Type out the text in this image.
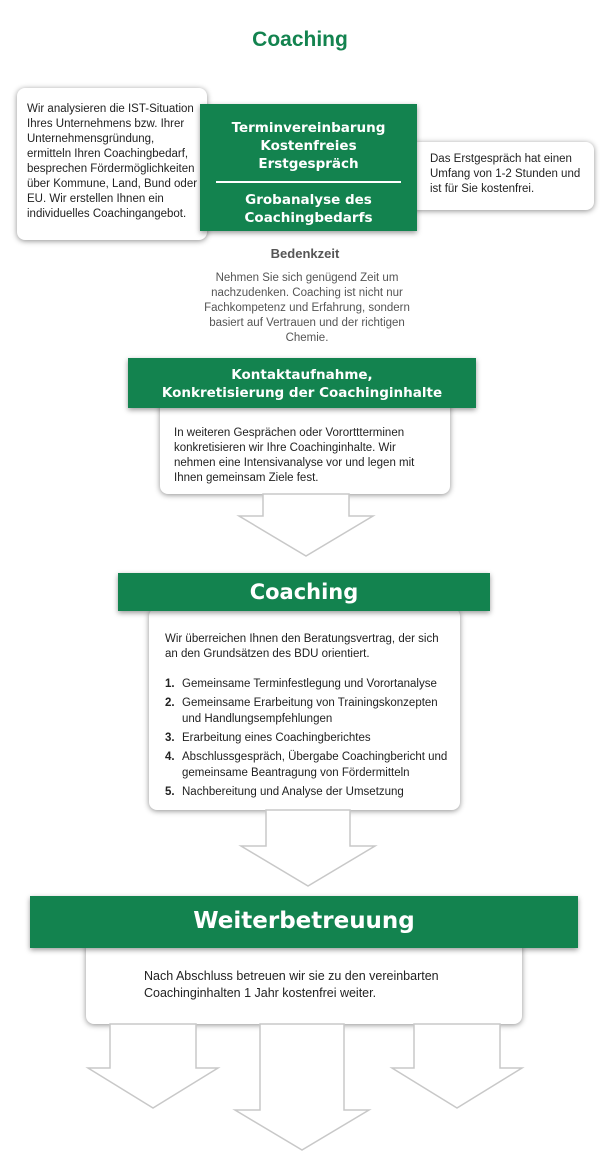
Coaching
Wir analysieren die IST-Situation Ihres Unternehmens bzw. Ihrer Unternehmensgründung, ermitteln Ihren Coachingbedarf, besprechen Fördermöglichkeiten über Kommune, Land, Bund oder EU. Wir erstellen Ihnen ein individuelles Coachingangebot.
Das Erstgespräch hat einen Umfang von 1-2 Stunden und ist für Sie kostenfrei.
Terminvereinbarung
Kostenfreies
Erstgespräch
Grobanalyse des
Coachingbedarfs
Bedenkzeit
Nehmen Sie sich genügend Zeit um nachzudenken. Coaching ist nicht nur Fachkompetenz und Erfahrung, sondern basiert auf Vertrauen und der richtigen Chemie.
In weiteren Gesprächen oder Vororttterminen konkretisieren wir Ihre Coachinginhalte. Wir nehmen eine Intensivanalyse vor und legen mit Ihnen gemeinsam Ziele fest.
Kontaktaufnahme,
Konkretisierung der Coachinginhalte
Wir überreichen Ihnen den Beratungsvertrag, der sich an den Grundsätzen des BDU orientiert.
1. Gemeinsame Terminfestlegung und Vorortanalyse
2. Gemeinsame Erarbeitung von Trainingskonzepten und Handlungsempfehlungen
3. Erarbeitung eines Coachingberichtes
4. Abschlussgespräch, Übergabe Coachingbericht und gemeinsame Beantragung von Fördermitteln
5. Nachbereitung und Analyse der Umsetzung
Coaching
Nach Abschluss betreuen wir sie zu den vereinbarten Coachinginhalten 1 Jahr kostenfrei weiter.
Weiterbetreuung
